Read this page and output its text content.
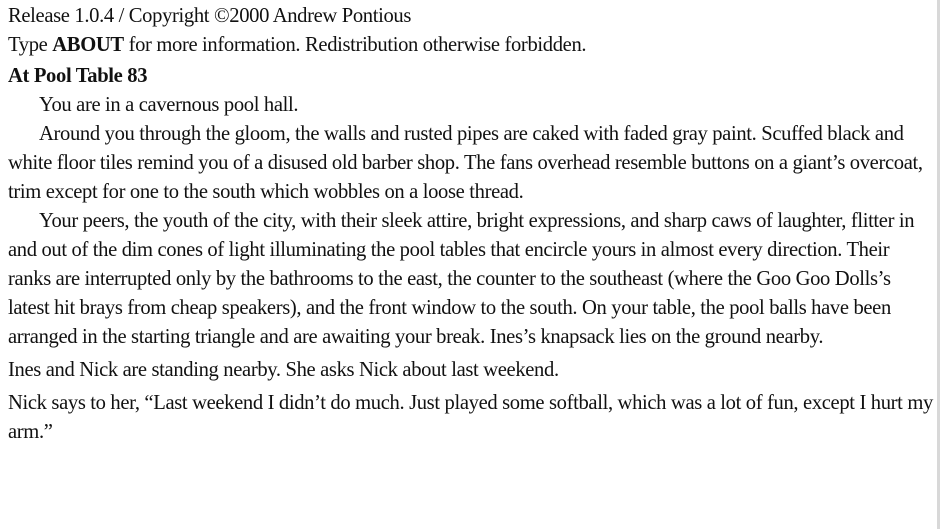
Release 1.0.4 / Copyright ©2000 Andrew Pontious

Type ABOUT for more information. Redistribution otherwise forbidden.

At Pool Table 83

You are in a cavernous pool hall.

Around you through the gloom, the walls and rusted pipes are caked with faded gray paint. Scuffed black and white floor tiles remind you of a disused old barber shop. The fans overhead resemble buttons on a giant’s overcoat, trim except for one to the south which wobbles on a loose thread.

Your peers, the youth of the city, with their sleek attire, bright expressions, and sharp caws of laughter, flitter in and out of the dim cones of light illuminating the pool tables that encircle yours in almost every direction. Their ranks are interrupted only by the bathrooms to the east, the counter to the southeast (where the Goo Goo Dolls’s latest hit brays from cheap speakers), and the front window to the south. On your table, the pool balls have been arranged in the starting triangle and are awaiting your break. Ines’s knapsack lies on the ground nearby.

Ines and Nick are standing nearby. She asks Nick about last weekend.

Nick says to her, “Last weekend I didn’t do much. Just played some softball, which was a lot of fun, except I hurt my arm.”
